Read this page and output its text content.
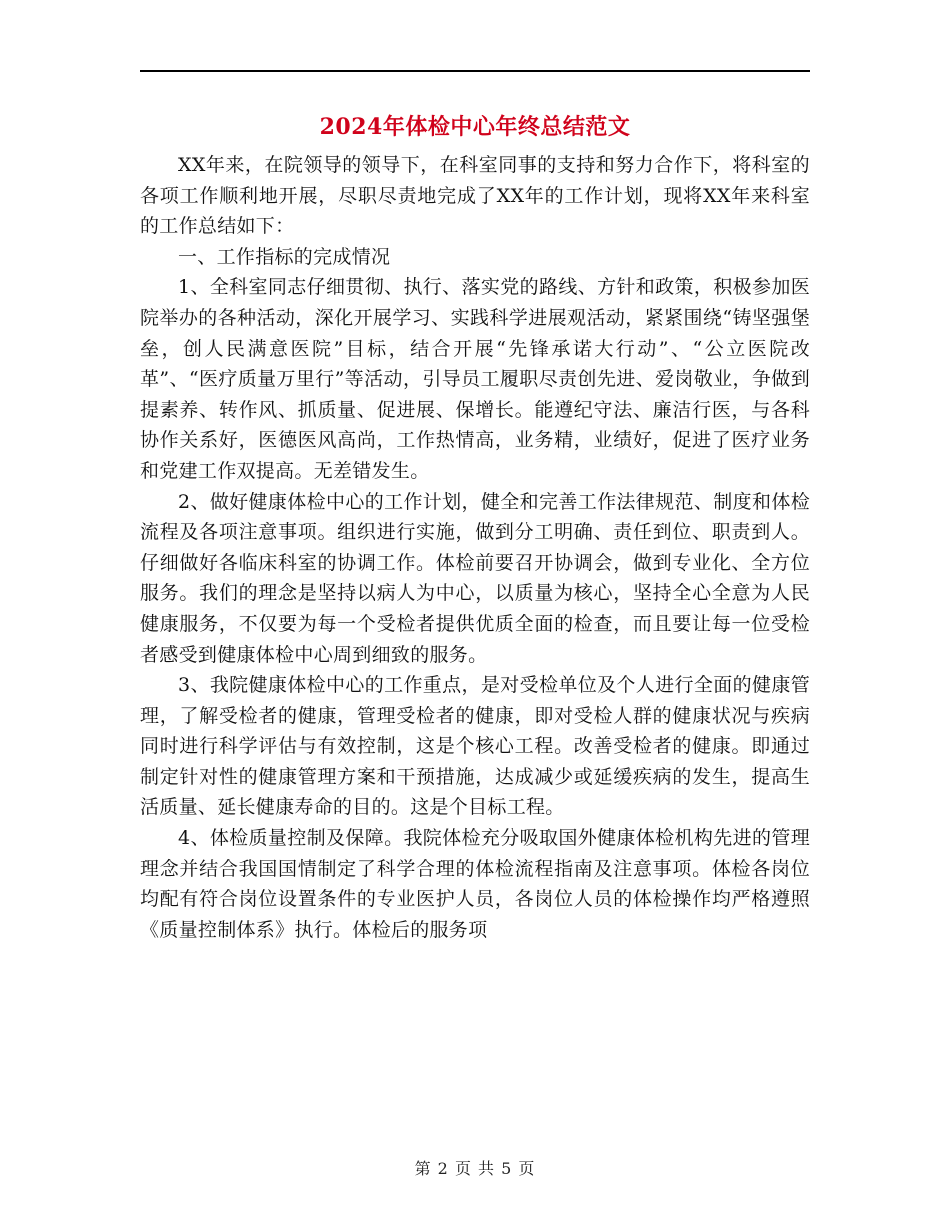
2024年体检中心年终总结范文

XX年来，在院领导的领导下，在科室同事的支持和努力合作下，将科室的各项工作顺利地开展，尽职尽责地完成了XX年的工作计划，现将XX年来科室的工作总结如下：

一、工作指标的完成情况

1、全科室同志仔细贯彻、执行、落实党的路线、方针和政策，积极参加医院举办的各种活动，深化开展学习、实践科学进展观活动，紧紧围绕“铸坚强堡垒，创人民满意医院”目标，结合开展“先锋承诺大行动”、“公立医院改革”、“医疗质量万里行”等活动，引导员工履职尽责创先进、爱岗敬业，争做到提素养、转作风、抓质量、促进展、保增长。能遵纪守法、廉洁行医，与各科协作关系好，医德医风高尚，工作热情高，业务精，业绩好，促进了医疗业务和党建工作双提高。无差错发生。

2、做好健康体检中心的工作计划，健全和完善工作法律规范、制度和体检流程及各项注意事项。组织进行实施，做到分工明确、责任到位、职责到人。仔细做好各临床科室的协调工作。体检前要召开协调会，做到专业化、全方位服务。我们的理念是坚持以病人为中心，以质量为核心，坚持全心全意为人民健康服务，不仅要为每一个受检者提供优质全面的检查，而且要让每一位受检者感受到健康体检中心周到细致的服务。

3、我院健康体检中心的工作重点，是对受检单位及个人进行全面的健康管理，了解受检者的健康，管理受检者的健康，即对受检人群的健康状况与疾病同时进行科学评估与有效控制，这是个核心工程。改善受检者的健康。即通过制定针对性的健康管理方案和干预措施，达成减少或延缓疾病的发生，提高生活质量、延长健康寿命的目的。这是个目标工程。

4、体检质量控制及保障。我院体检充分吸取国外健康体检机构先进的管理理念并结合我国国情制定了科学合理的体检流程指南及注意事项。体检各岗位均配有符合岗位设置条件的专业医护人员，各岗位人员的体检操作均严格遵照《质量控制体系》执行。体检后的服务项

第 2 页 共 5 页
